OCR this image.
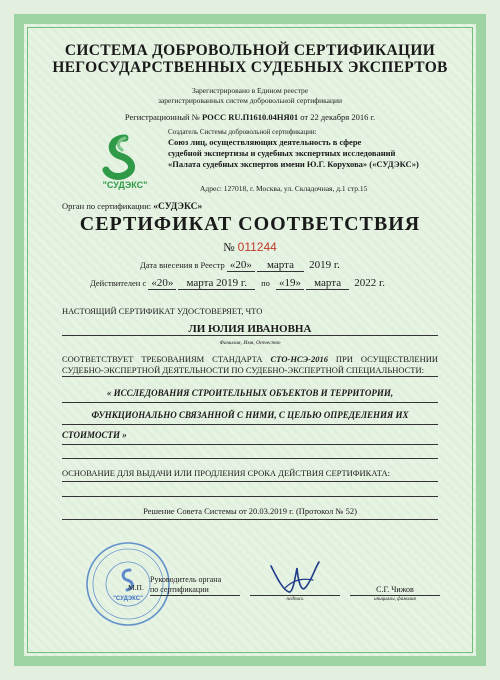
СИСТЕМА ДОБРОВОЛЬНОЙ СЕРТИФИКАЦИИ
НЕГОСУДАРСТВЕННЫХ СУДЕБНЫХ ЭКСПЕРТОВ
Зарегистрировано в Едином реестре
зарегистрированных систем добровольной сертификации
Регистрационный № РОСС RU.П1610.04НЯ01 от 22 декабря 2016 г.
"СУДЭКС"
Создатель Системы добровольной сертификации:
Союз лиц, осуществляющих деятельность в сфере
судебной экспертизы и судебных экспертных исследований
«Палата судебных экспертов имени Ю.Г. Корухова» («СУДЭКС»)
Адрес: 127018, г. Москва, ул. Складочная, д.1 стр.15
Орган по сертификации: «СУДЭКС»
СЕРТИФИКАТ СООТВЕТСТВИЯ
№ 011244
Дата внесения в Реестр «20» марта 2019 г.
Действителен с «20» марта 2019 г. по «19» марта 2022 г.
НАСТОЯЩИЙ СЕРТИФИКАТ УДОСТОВЕРЯЕТ, ЧТО
ЛИ ЮЛИЯ ИВАНОВНА
Фамилия, Имя, Отчество
СООТВЕТСТВУЕТ ТРЕБОВАНИЯМ СТАНДАРТА СТО-НСЭ-2016 ПРИ ОСУЩЕСТВЛЕНИИ СУДЕБНО-ЭКСПЕРТНОЙ ДЕЯТЕЛЬНОСТИ ПО СУДЕБНО-ЭКСПЕРТНОЙ СПЕЦИАЛЬНОСТИ:
« ИССЛЕДОВАНИЯ СТРОИТЕЛЬНЫХ ОБЪЕКТОВ И ТЕРРИТОРИИ,
ФУНКЦИОНАЛЬНО СВЯЗАННОЙ С НИМИ, С ЦЕЛЬЮ ОПРЕДЕЛЕНИЯ ИХ
СТОИМОСТИ »
ОСНОВАНИЕ ДЛЯ ВЫДАЧИ ИЛИ ПРОДЛЕНИЯ СРОКА ДЕЙСТВИЯ СЕРТИФИКАТА:
Решение Совета Системы от 20.03.2019 г. (Протокол № 52)
"СУДЭКС"
М.П.
Руководитель органа
по сертификации
подпись
С.Г. Чижов
инициалы, фамилия
